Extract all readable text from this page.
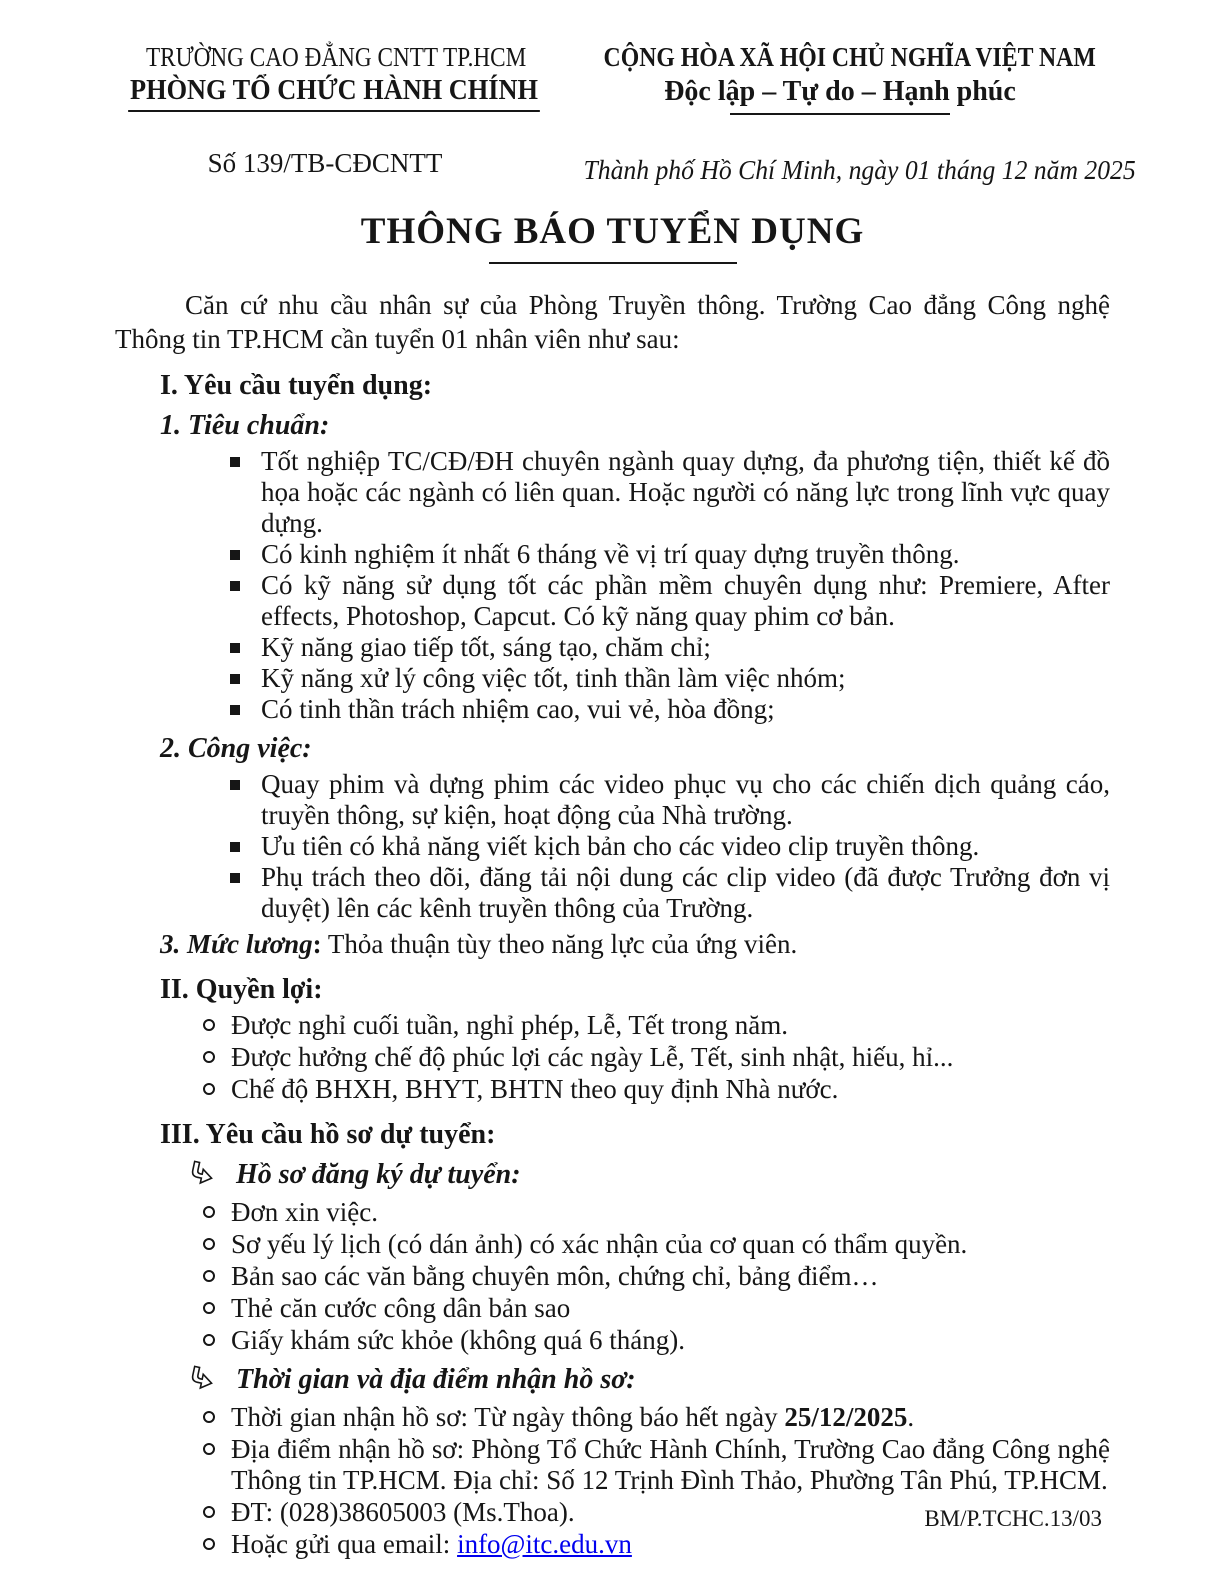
TRƯỜNG CAO ĐẲNG CNTT TP.HCM
PHÒNG TỔ CHỨC HÀNH CHÍNH
Số 139/TB-CĐCNTT
CỘNG HÒA XÃ HỘI CHỦ NGHĨA VIỆT NAM
Độc lập – Tự do – Hạnh phúc
Thành phố Hồ Chí Minh, ngày 01 tháng 12 năm 2025
THÔNG BÁO TUYỂN DỤNG

Căn cứ nhu cầu nhân sự của Phòng Truyền thông. Trường Cao đẳng Công nghệ Thông tin TP.HCM cần tuyển 01 nhân viên như sau:

I. Yêu cầu tuyển dụng:
1. Tiêu chuẩn:
Tốt nghiệp TC/CĐ/ĐH chuyên ngành quay dựng, đa phương tiện, thiết kế đồ họa hoặc các ngành có liên quan. Hoặc người có năng lực trong lĩnh vực quay dựng.
Có kinh nghiệm ít nhất 6 tháng về vị trí quay dựng truyền thông.
Có kỹ năng sử dụng tốt các phần mềm chuyên dụng như: Premiere, After effects, Photoshop, Capcut. Có kỹ năng quay phim cơ bản.
Kỹ năng giao tiếp tốt, sáng tạo, chăm chỉ;
Kỹ năng xử lý công việc tốt, tinh thần làm việc nhóm;
Có tinh thần trách nhiệm cao, vui vẻ, hòa đồng;
2. Công việc:
Quay phim và dựng phim các video phục vụ cho các chiến dịch quảng cáo, truyền thông, sự kiện, hoạt động của Nhà trường.
Ưu tiên có khả năng viết kịch bản cho các video clip truyền thông.
Phụ trách theo dõi, đăng tải nội dung các clip video (đã được Trưởng đơn vị duyệt) lên các kênh truyền thông của Trường.

3. Mức lương: Thỏa thuận tùy theo năng lực của ứng viên.

II. Quyền lợi:
Được nghỉ cuối tuần, nghỉ phép, Lễ, Tết trong năm.
Được hưởng chế độ phúc lợi các ngày Lễ, Tết, sinh nhật, hiếu, hỉ...
Chế độ BHXH, BHYT, BHTN theo quy định Nhà nước.
III. Yêu cầu hồ sơ dự tuyển:
Hồ sơ đăng ký dự tuyển:
Đơn xin việc.
Sơ yếu lý lịch (có dán ảnh) có xác nhận của cơ quan có thẩm quyền.
Bản sao các văn bằng chuyên môn, chứng chỉ, bảng điểm…
Thẻ căn cước công dân bản sao
Giấy khám sức khỏe (không quá 6 tháng).
Thời gian và địa điểm nhận hồ sơ:
Thời gian nhận hồ sơ: Từ ngày thông báo hết ngày 25/12/2025.
Địa điểm nhận hồ sơ: Phòng Tổ Chức Hành Chính, Trường Cao đẳng Công nghệ Thông tin TP.HCM. Địa chỉ: Số 12 Trịnh Đình Thảo, Phường Tân Phú, TP.HCM.
ĐT: (028)38605003 (Ms.Thoa).
Hoặc gửi qua email: info@itc.edu.vn
BM/P.TCHC.13/03
